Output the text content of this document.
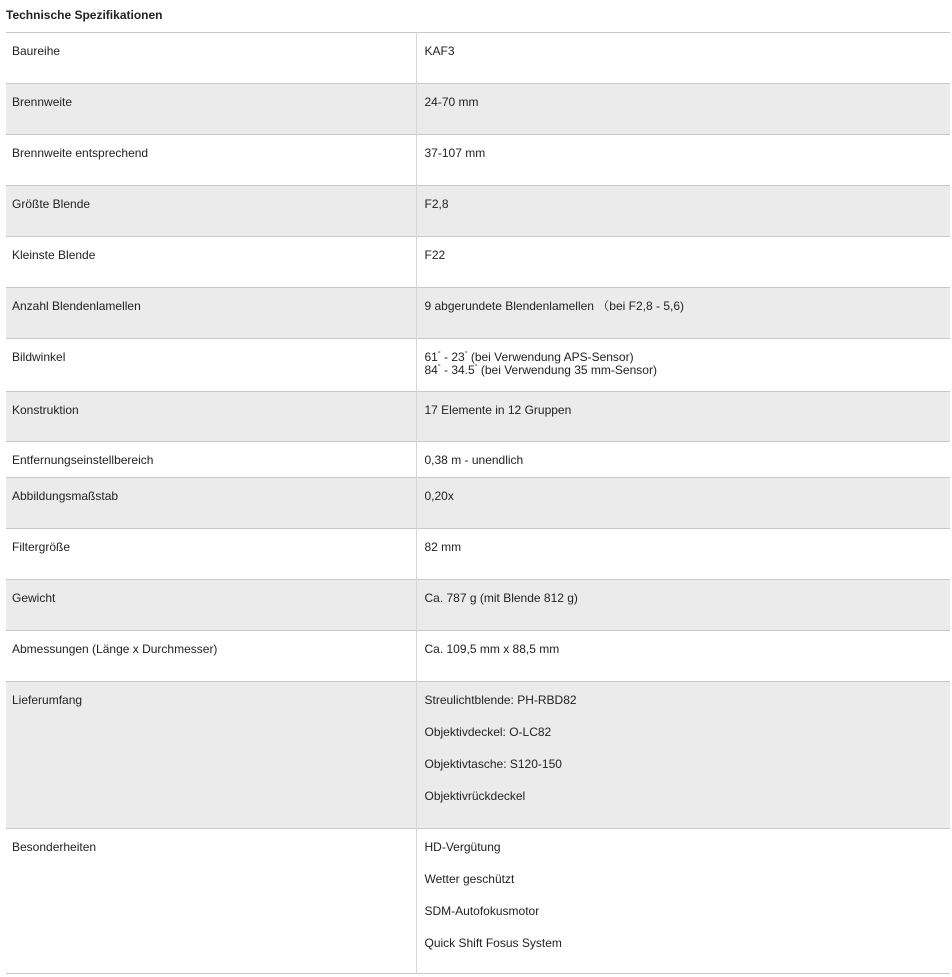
Technische Spezifikationen
Baureihe	KAF3
Brennweite	24-70 mm
Brennweite entsprechend	37-107 mm
Größte Blende	F2,8
Kleinste Blende	F22
Anzahl Blendenlamellen	9 abgerundete Blendenlamellen （bei F2,8 - 5,6)
Bildwinkel	61° - 23° (bei Verwendung APS-Sensor)
84° - 34.5° (bei Verwendung 35 mm-Sensor)

Konstruktion	17 Elemente in 12 Gruppen
Entfernungseinstellbereich	0,38 m - unendlich
Abbildungsmaßstab	0,20x
Filtergröße	82 mm
Gewicht	Ca. 787 g (mit Blende 812 g)
Abmessungen (Länge x Durchmesser)	Ca. 109,5 mm x 88,5 mm
Lieferumfang	Streulichtblende: PH-RBD82
Objektivdeckel: O-LC82
Objektivtasche: S120-150
Objektivrückdeckel

Besonderheiten	HD-Vergütung
Wetter geschützt
SDM-Autofokusmotor
Quick Shift Fosus System
